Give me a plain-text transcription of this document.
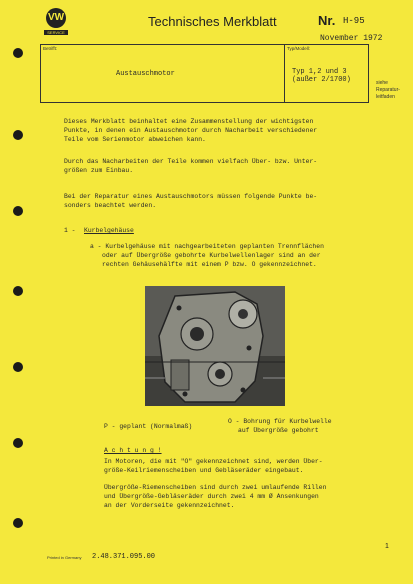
VW
SERVICE
Technisches Merkblatt	Nr. H-95
November 1972
Betrifft:	Typ/Modell:
Austauschmotor	Typ 1,2 und 3
(außer 2/1700)	siehe Reparatur-leitfaden
Dieses Merkblatt beinhaltet eine Zusammenstellung der wichtigsten
Punkte, in denen ein Austauschmotor durch Nacharbeit verschiedener
Teile vom Serienmotor abweichen kann.
Durch das Nacharbeiten der Teile kommen vielfach Über- bzw. Unter-
größen zum Einbau.
Bei der Reparatur eines Austauschmotors müssen folgende Punkte be-
sonders beachtet werden.
1 -	Kurbelgehäuse
a - Kurbelgehäuse mit nachgearbeiteten geplanten Trennflächen
oder auf Übergröße gebohrte Kurbelwellenlager sind an der
rechten Gehäusehälfte mit einem P bzw. O gekennzeichnet.
P - geplant (Normalmaß)
O - Bohrung für Kurbelwelle
auf Übergröße gebohrt
A c h t u n g !
In Motoren, die mit "O" gekennzeichnet sind, werden Über-
größe-Keilriemenscheiben und Gebläseräder eingebaut.
Übergröße-Riemenscheiben sind durch zwei umlaufende Rillen
und Übergröße-Gebläseräder durch zwei 4 mm Ø Ansenkungen
an der Vorderseite gekennzeichnet.
1
Printed in Germany 2.48.371.095.00
